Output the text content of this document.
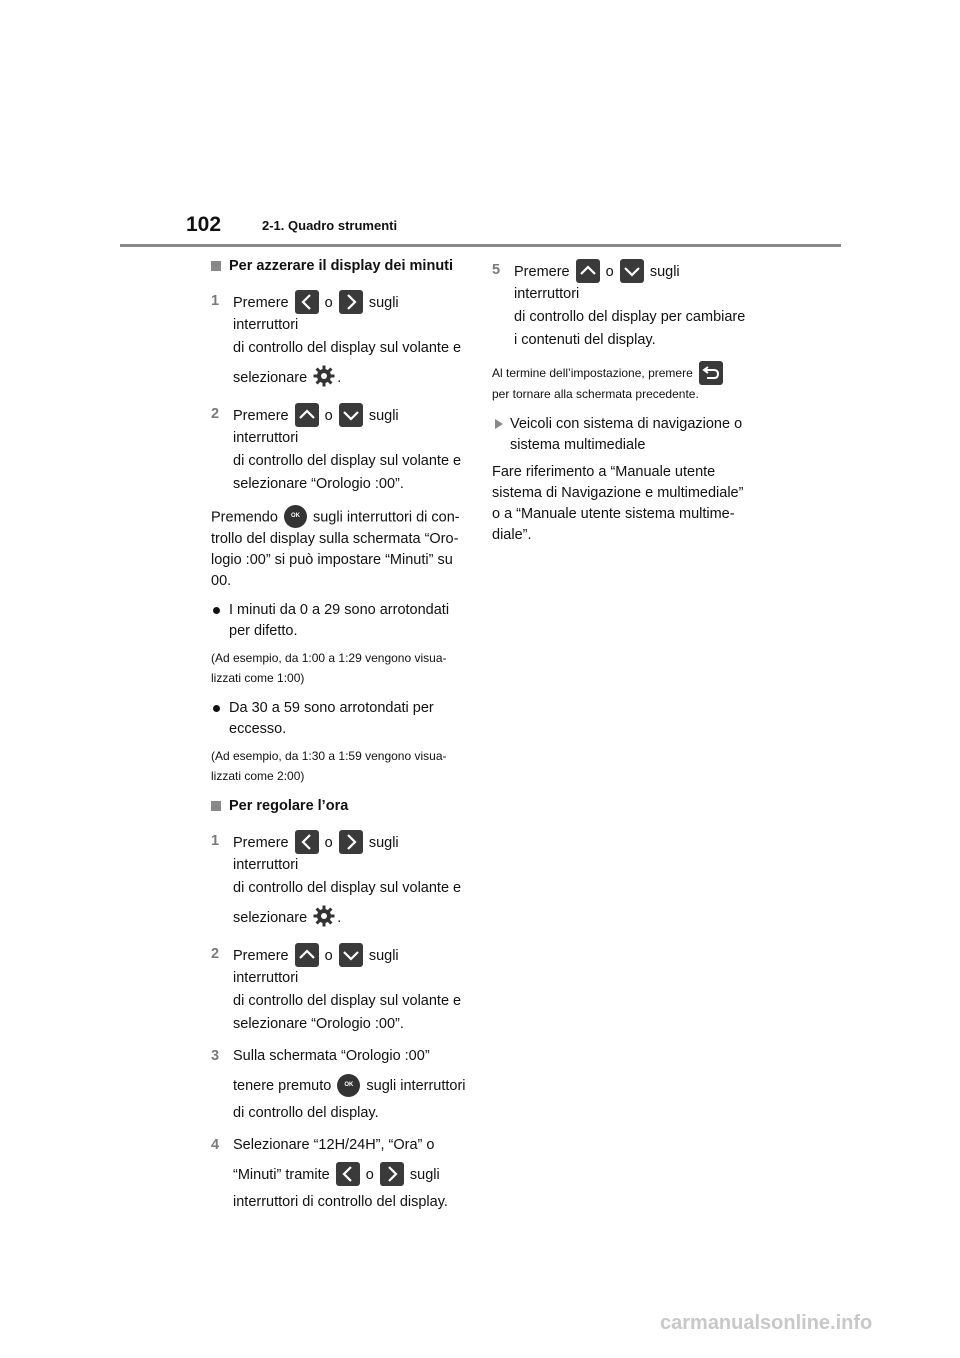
102	2-1. Quadro strumenti
Per azzerare il display dei minuti
1 Premere o sugli interruttori
di controllo del display sul volante e
selezionare .
2 Premere o sugli interruttori
di controllo del display sul volante e
selezionare “Orologio :00”.
Premendo OK sugli interruttori di con-trollo del display sulla schermata “Oro-logio :00” si può impostare “Minuti” su 00.
I minuti da 0 a 29 sono arrotondati per difetto.
(Ad esempio, da 1:00 a 1:29 vengono visua-lizzati come 1:00)
Da 30 a 59 sono arrotondati per eccesso.
(Ad esempio, da 1:30 a 1:59 vengono visua-lizzati come 2:00)
Per regolare l’ora
1 Premere o sugli interruttori
di controllo del display sul volante e
selezionare .
2 Premere o sugli interruttori
di controllo del display sul volante e
selezionare “Orologio :00”.
3 Sulla schermata “Orologio :00”
tenere premuto OK sugli interruttori
di controllo del display.
4 Selezionare “12H/24H”, “Ora” o
“Minuti” tramite o sugli
interruttori di controllo del display.
5 Premere o sugli interruttori
di controllo del display per cambiare
i contenuti del display.
Al termine dell’impostazione, premere
per tornare alla schermata precedente.
Veicoli con sistema di navigazione o sistema multimediale
Fare riferimento a “Manuale utente sistema di Navigazione e multimediale” o a “Manuale utente sistema multime-diale”.
carmanualsonline.info
